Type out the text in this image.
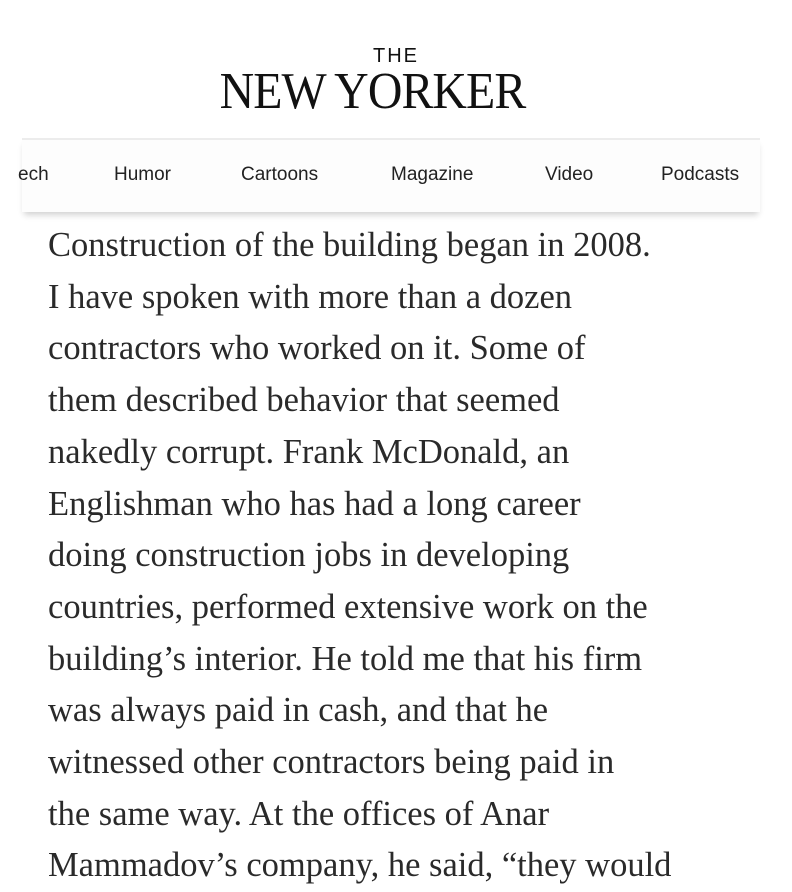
THE
NEW YORKER
ech	Humor	Cartoons	Magazine	Video	Podcasts
Construction of the building began in 2008.
I have spoken with more than a dozen
contractors who worked on it. Some of
them described behavior that seemed
nakedly corrupt. Frank McDonald, an
Englishman who has had a long career
doing construction jobs in developing
countries, performed extensive work on the
building’s interior. He told me that his firm
was always paid in cash, and that he
witnessed other contractors being paid in
the same way. At the offices of Anar
Mammadov’s company, he said, “they would
